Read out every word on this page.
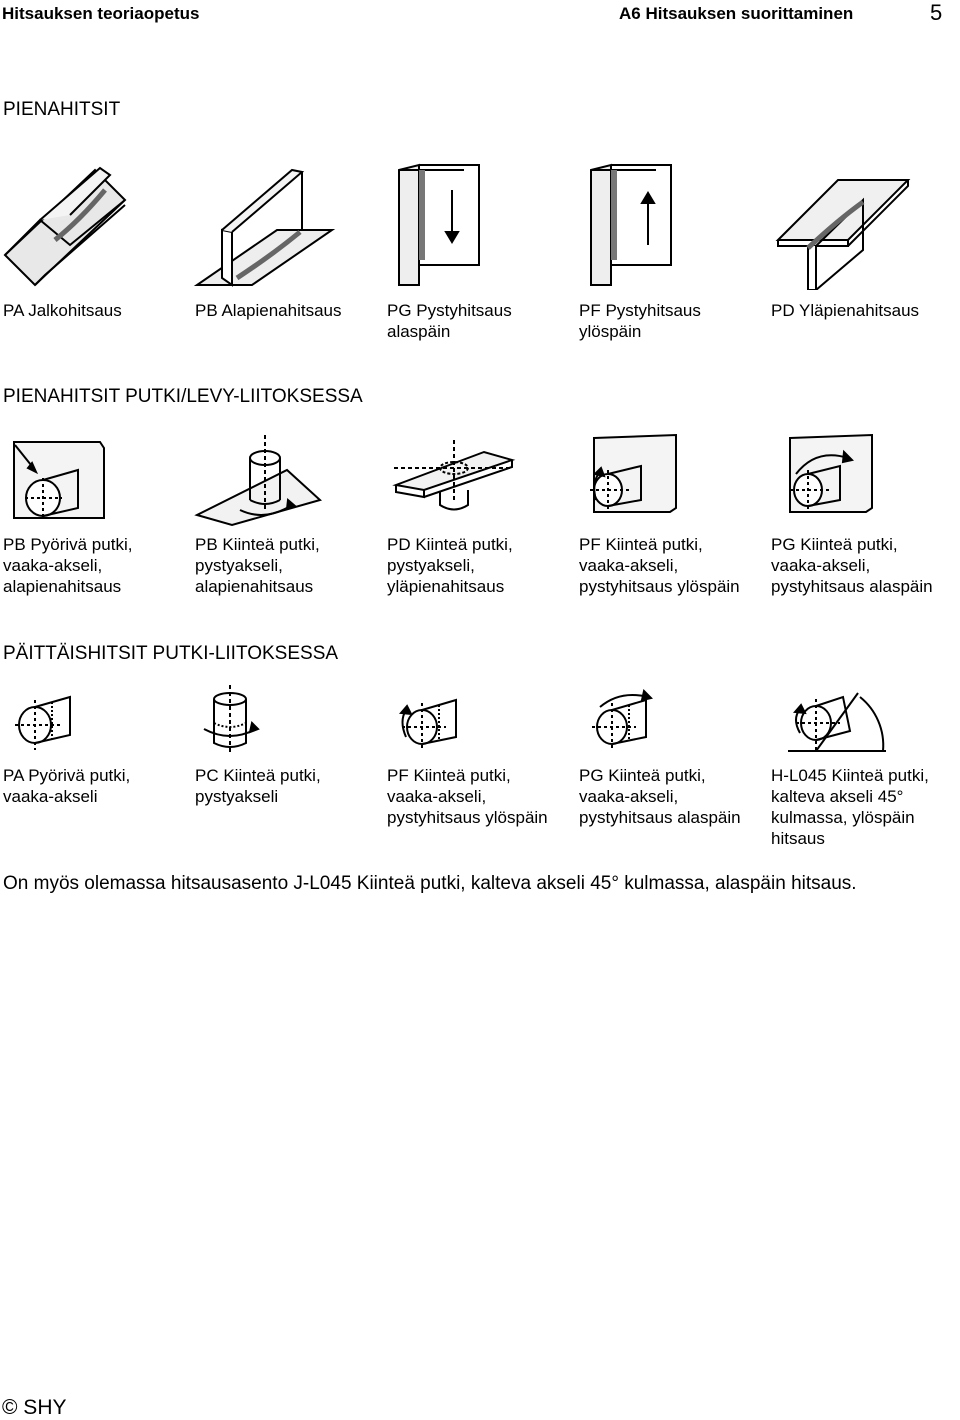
Hitsauksen teoriaopetus	A6 Hitsauksen suorittaminen	5
PIENAHITSIT
PA Jalkohitsaus	PB Alapienahitsaus	PG Pystyhitsaus
alaspäin
PF Pystyhitsaus
ylöspäin
PD Yläpienahitsaus
PIENAHITSIT PUTKI/LEVY-LIITOKSESSA
PB Pyörivä putki,
vaaka-akseli,
alapienahitsaus
PB Kiinteä putki,
pystyakseli,
alapienahitsaus
PD Kiinteä putki,
pystyakseli,
yläpienahitsaus
PF Kiinteä putki,
vaaka-akseli,
pystyhitsaus ylöspäin
PG Kiinteä putki,
vaaka-akseli,
pystyhitsaus alaspäin
PÄITTÄISHITSIT PUTKI-LIITOKSESSA
PA Pyörivä putki,
vaaka-akseli
PC Kiinteä putki,
pystyakseli
PF Kiinteä putki,
vaaka-akseli,
pystyhitsaus ylöspäin
PG Kiinteä putki,
vaaka-akseli,
pystyhitsaus alaspäin
H-L045 Kiinteä putki,
kalteva akseli 45°
kulmassa, ylöspäin
hitsaus
On myös olemassa hitsausasento J-L045 Kiinteä putki, kalteva akseli 45° kulmassa, alaspäin hitsaus.
© SHY
